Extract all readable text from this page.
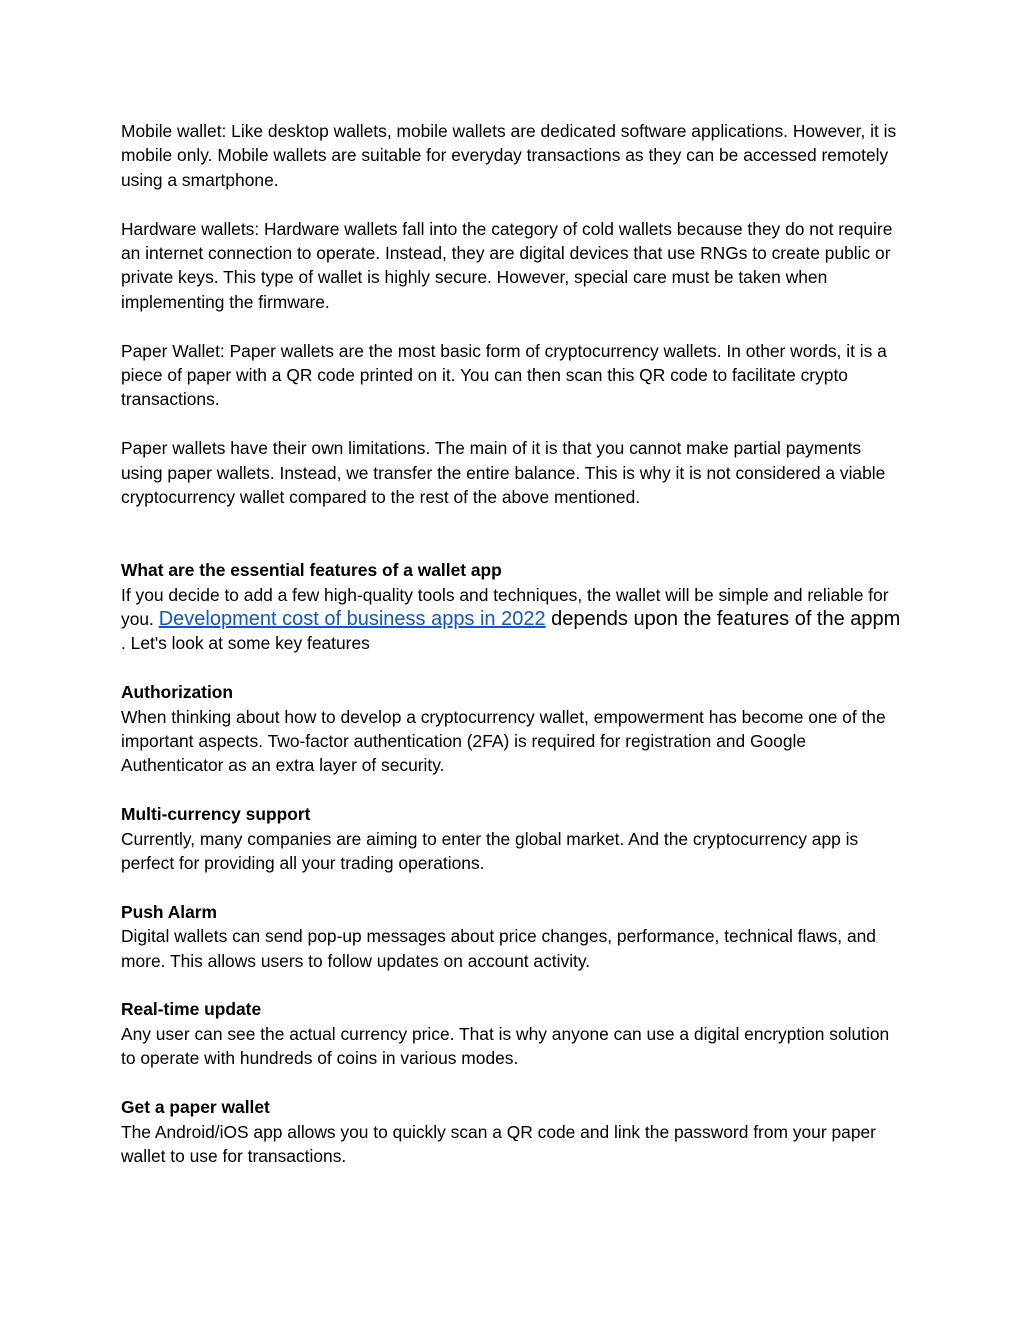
Mobile wallet: Like desktop wallets, mobile wallets are dedicated software applications. However, it is mobile only. Mobile wallets are suitable for everyday transactions as they can be accessed remotely using a smartphone.

Hardware wallets: Hardware wallets fall into the category of cold wallets because they do not require an internet connection to operate. Instead, they are digital devices that use RNGs to create public or private keys. This type of wallet is highly secure. However, special care must be taken when implementing the firmware.

Paper Wallet: Paper wallets are the most basic form of cryptocurrency wallets. In other words, it is a piece of paper with a QR code printed on it. You can then scan this QR code to facilitate crypto transactions.

Paper wallets have their own limitations. The main of it is that you cannot make partial payments using paper wallets. Instead, we transfer the entire balance. This is why it is not considered a viable cryptocurrency wallet compared to the rest of the above mentioned.

What are the essential features of a wallet app
If you decide to add a few high-quality tools and techniques, the wallet will be simple and reliable for you. Development cost of business apps in 2022 depends upon the features of the appm . Let's look at some key features
Authorization
When thinking about how to develop a cryptocurrency wallet, empowerment has become one of the important aspects. Two-factor authentication (2FA) is required for registration and Google Authenticator as an extra layer of security.
Multi-currency support
Currently, many companies are aiming to enter the global market. And the cryptocurrency app is perfect for providing all your trading operations.
Push Alarm
Digital wallets can send pop-up messages about price changes, performance, technical flaws, and more. This allows users to follow updates on account activity.
Real-time update
Any user can see the actual currency price. That is why anyone can use a digital encryption solution to operate with hundreds of coins in various modes.
Get a paper wallet
The Android/iOS app allows you to quickly scan a QR code and link the password from your paper wallet to use for transactions.
